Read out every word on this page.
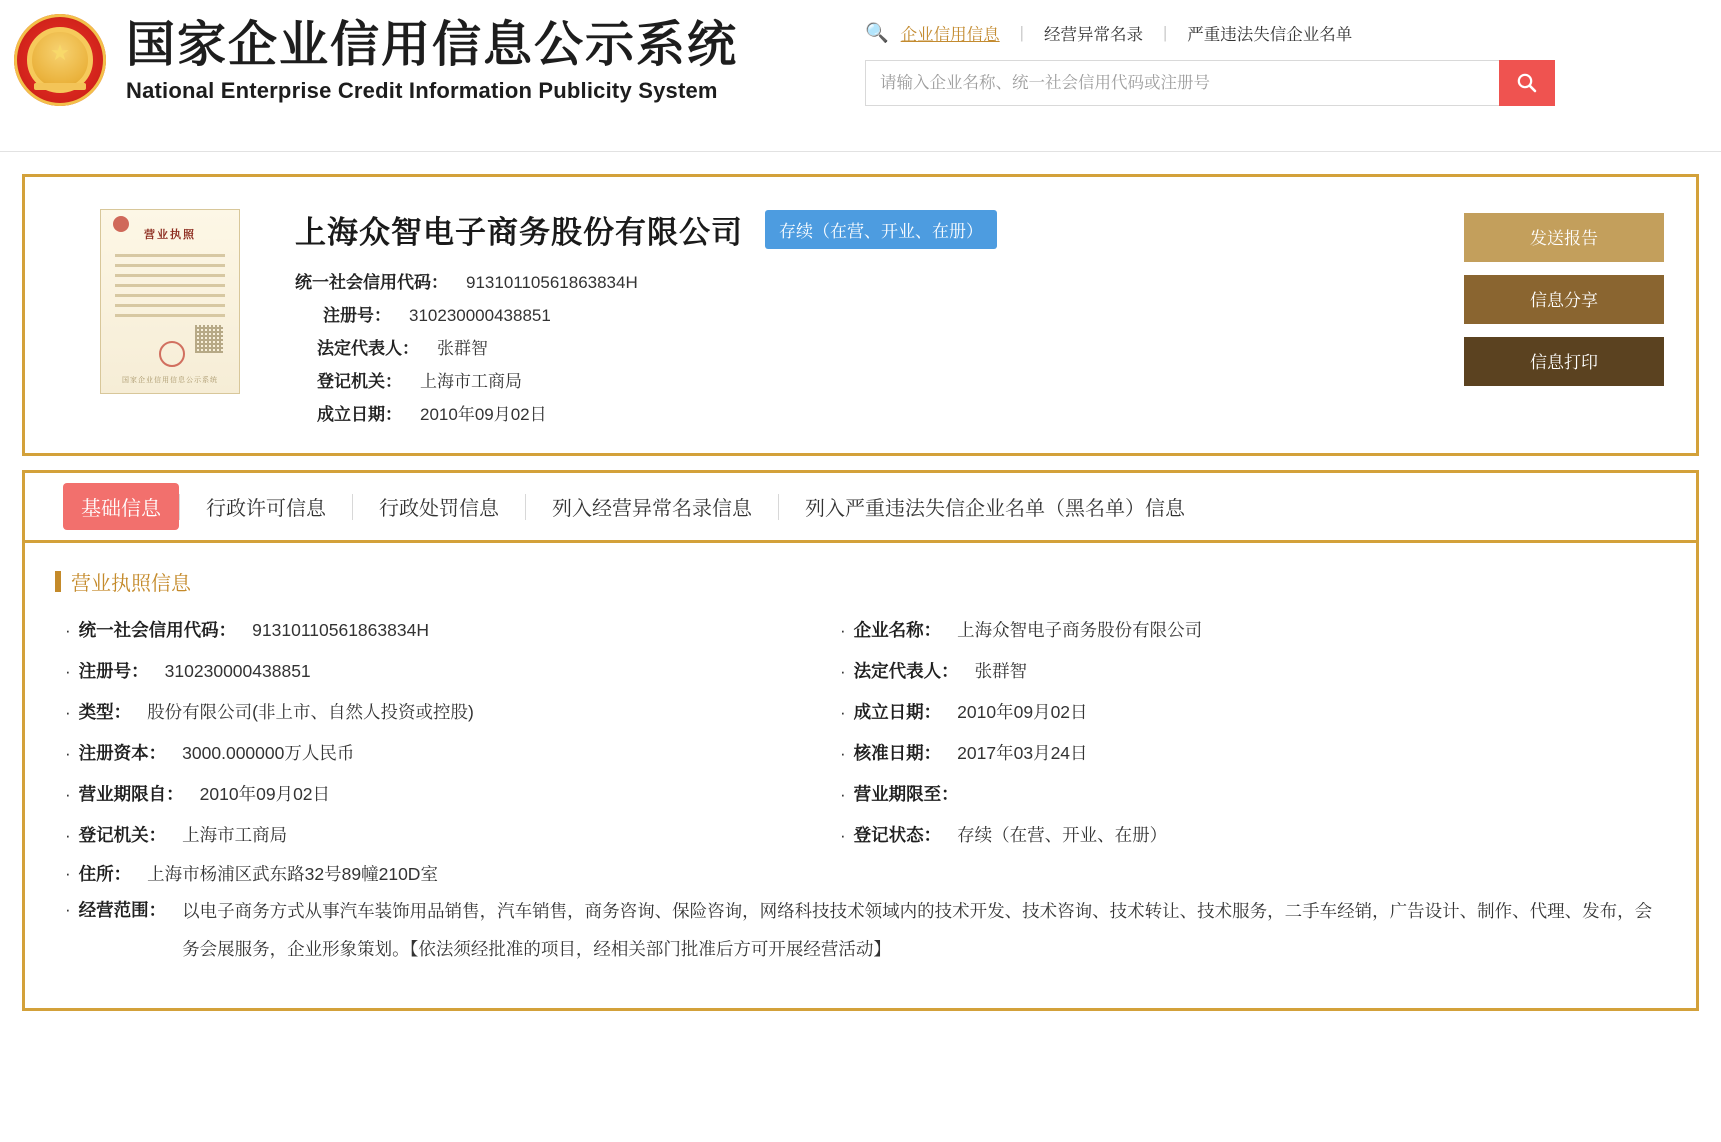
★ 国家企业信用信息公示系统
National Enterprise Credit Information Publicity System
🔍 企业信用信息 | 经营异常名录 | 严重违法失信企业名单
请输入企业名称、统一社会信用代码或注册号
营业执照
国家企业信用信息公示系统
上海众智电子商务股份有限公司	存续（在营、开业、在册）
统一社会信用代码： 91310110561863834H
注册号： 310230000438851
法定代表人： 张群智
登记机关： 上海市工商局
成立日期： 2010年09月02日
发送报告
信息分享
信息打印
基础信息	行政许可信息	行政处罚信息	列入经营异常名录信息	列入严重违法失信企业名单（黑名单）信息
营业执照信息
· 统一社会信用代码： 91310110561863834H	· 企业名称： 上海众智电子商务股份有限公司
· 注册号： 310230000438851	· 法定代表人： 张群智
· 类型： 股份有限公司(非上市、自然人投资或控股)	· 成立日期： 2010年09月02日
· 注册资本： 3000.000000万人民币	· 核准日期： 2017年03月24日
· 营业期限自： 2010年09月02日	· 营业期限至：
· 登记机关： 上海市工商局	· 登记状态： 存续（在营、开业、在册）
· 住所： 上海市杨浦区武东路32号89幢210D室
· 经营范围： 以电子商务方式从事汽车装饰用品销售，汽车销售，商务咨询、保险咨询，网络科技技术领域内的技术开发、技术咨询、技术转让、技术服务，二手车经销，广告设计、制作、代理、发布，会务会展服务，企业形象策划。【依法须经批准的项目，经相关部门批准后方可开展经营活动】
